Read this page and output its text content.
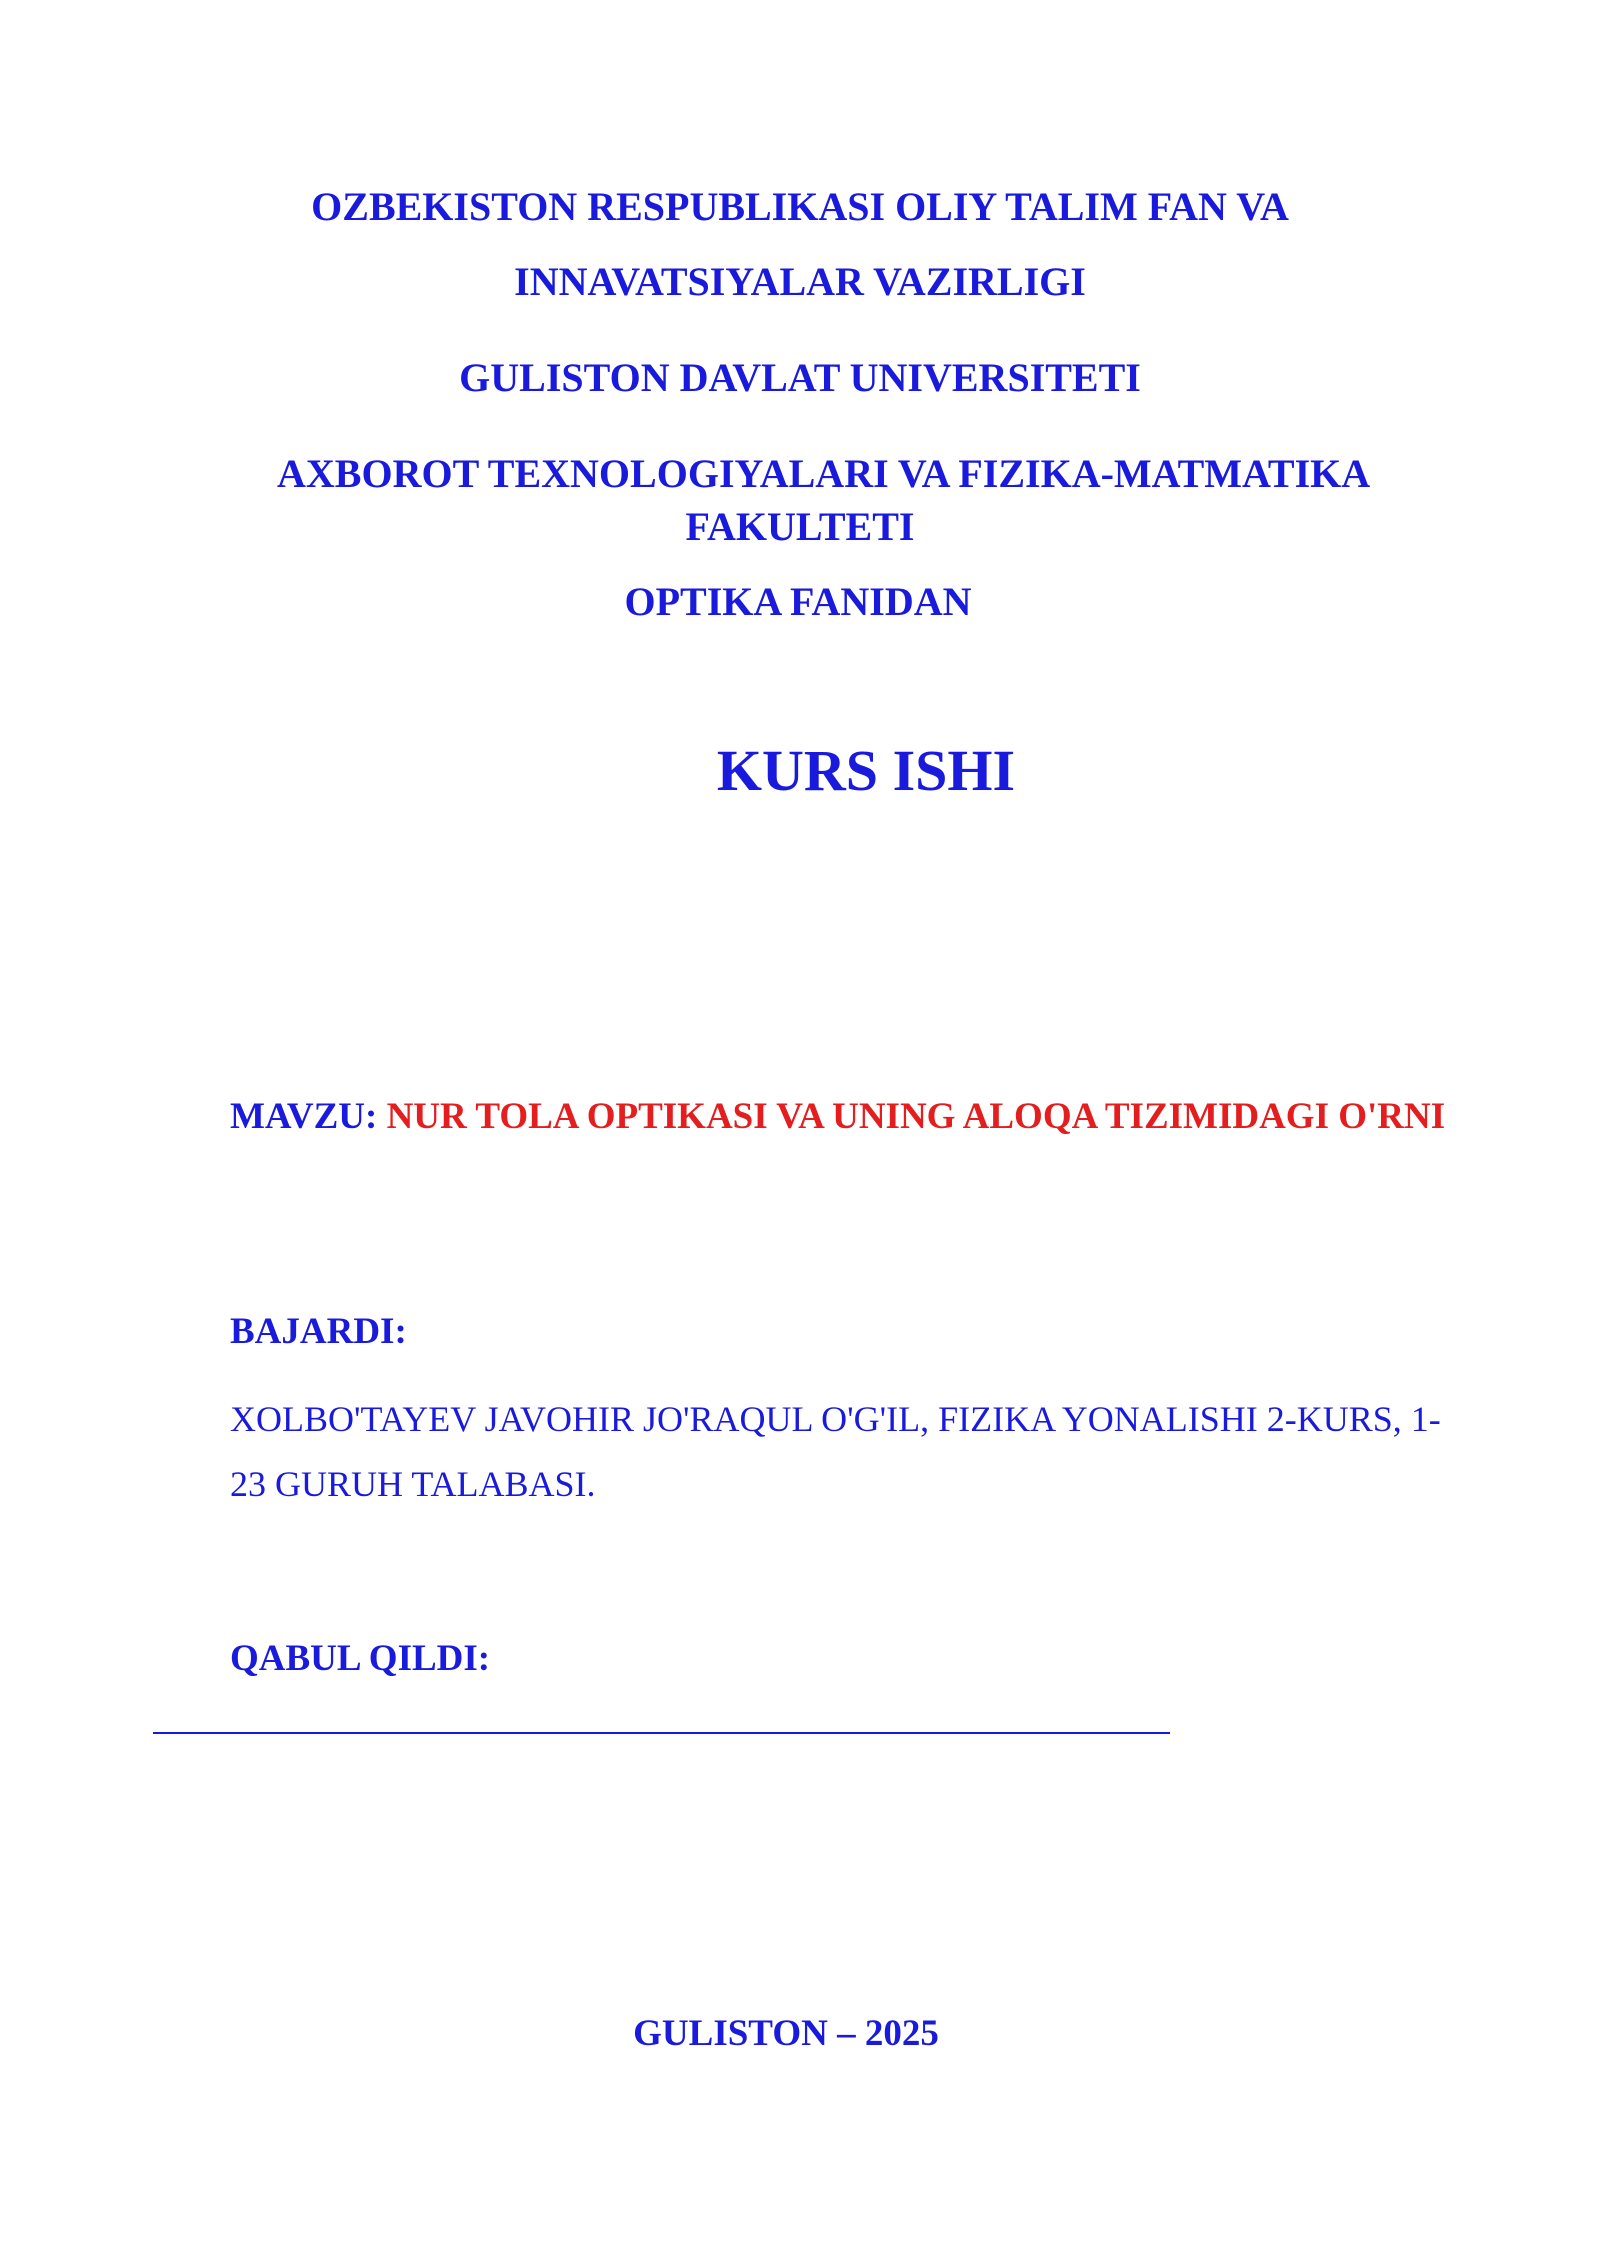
OZBEKISTON RESPUBLIKASI OLIY TALIM FAN VA
INNAVATSIYALAR VAZIRLIGI
GULISTON DAVLAT UNIVERSITETI
AXBOROT TEXNOLOGIYALARI VA FIZIKA-MATMATIKA
FAKULTETI
OPTIKA FANIDAN
KURS ISHI
MAVZU: NUR TOLA OPTIKASI VA UNING ALOQA TIZIMIDAGI O'RNI
BAJARDI:
XOLBO'TAYEV JAVOHIR JO'RAQUL O'G'IL, FIZIKA YONALISHI 2-KURS, 1-
23 GURUH TALABASI.
QABUL QILDI:
GULISTON – 2025
